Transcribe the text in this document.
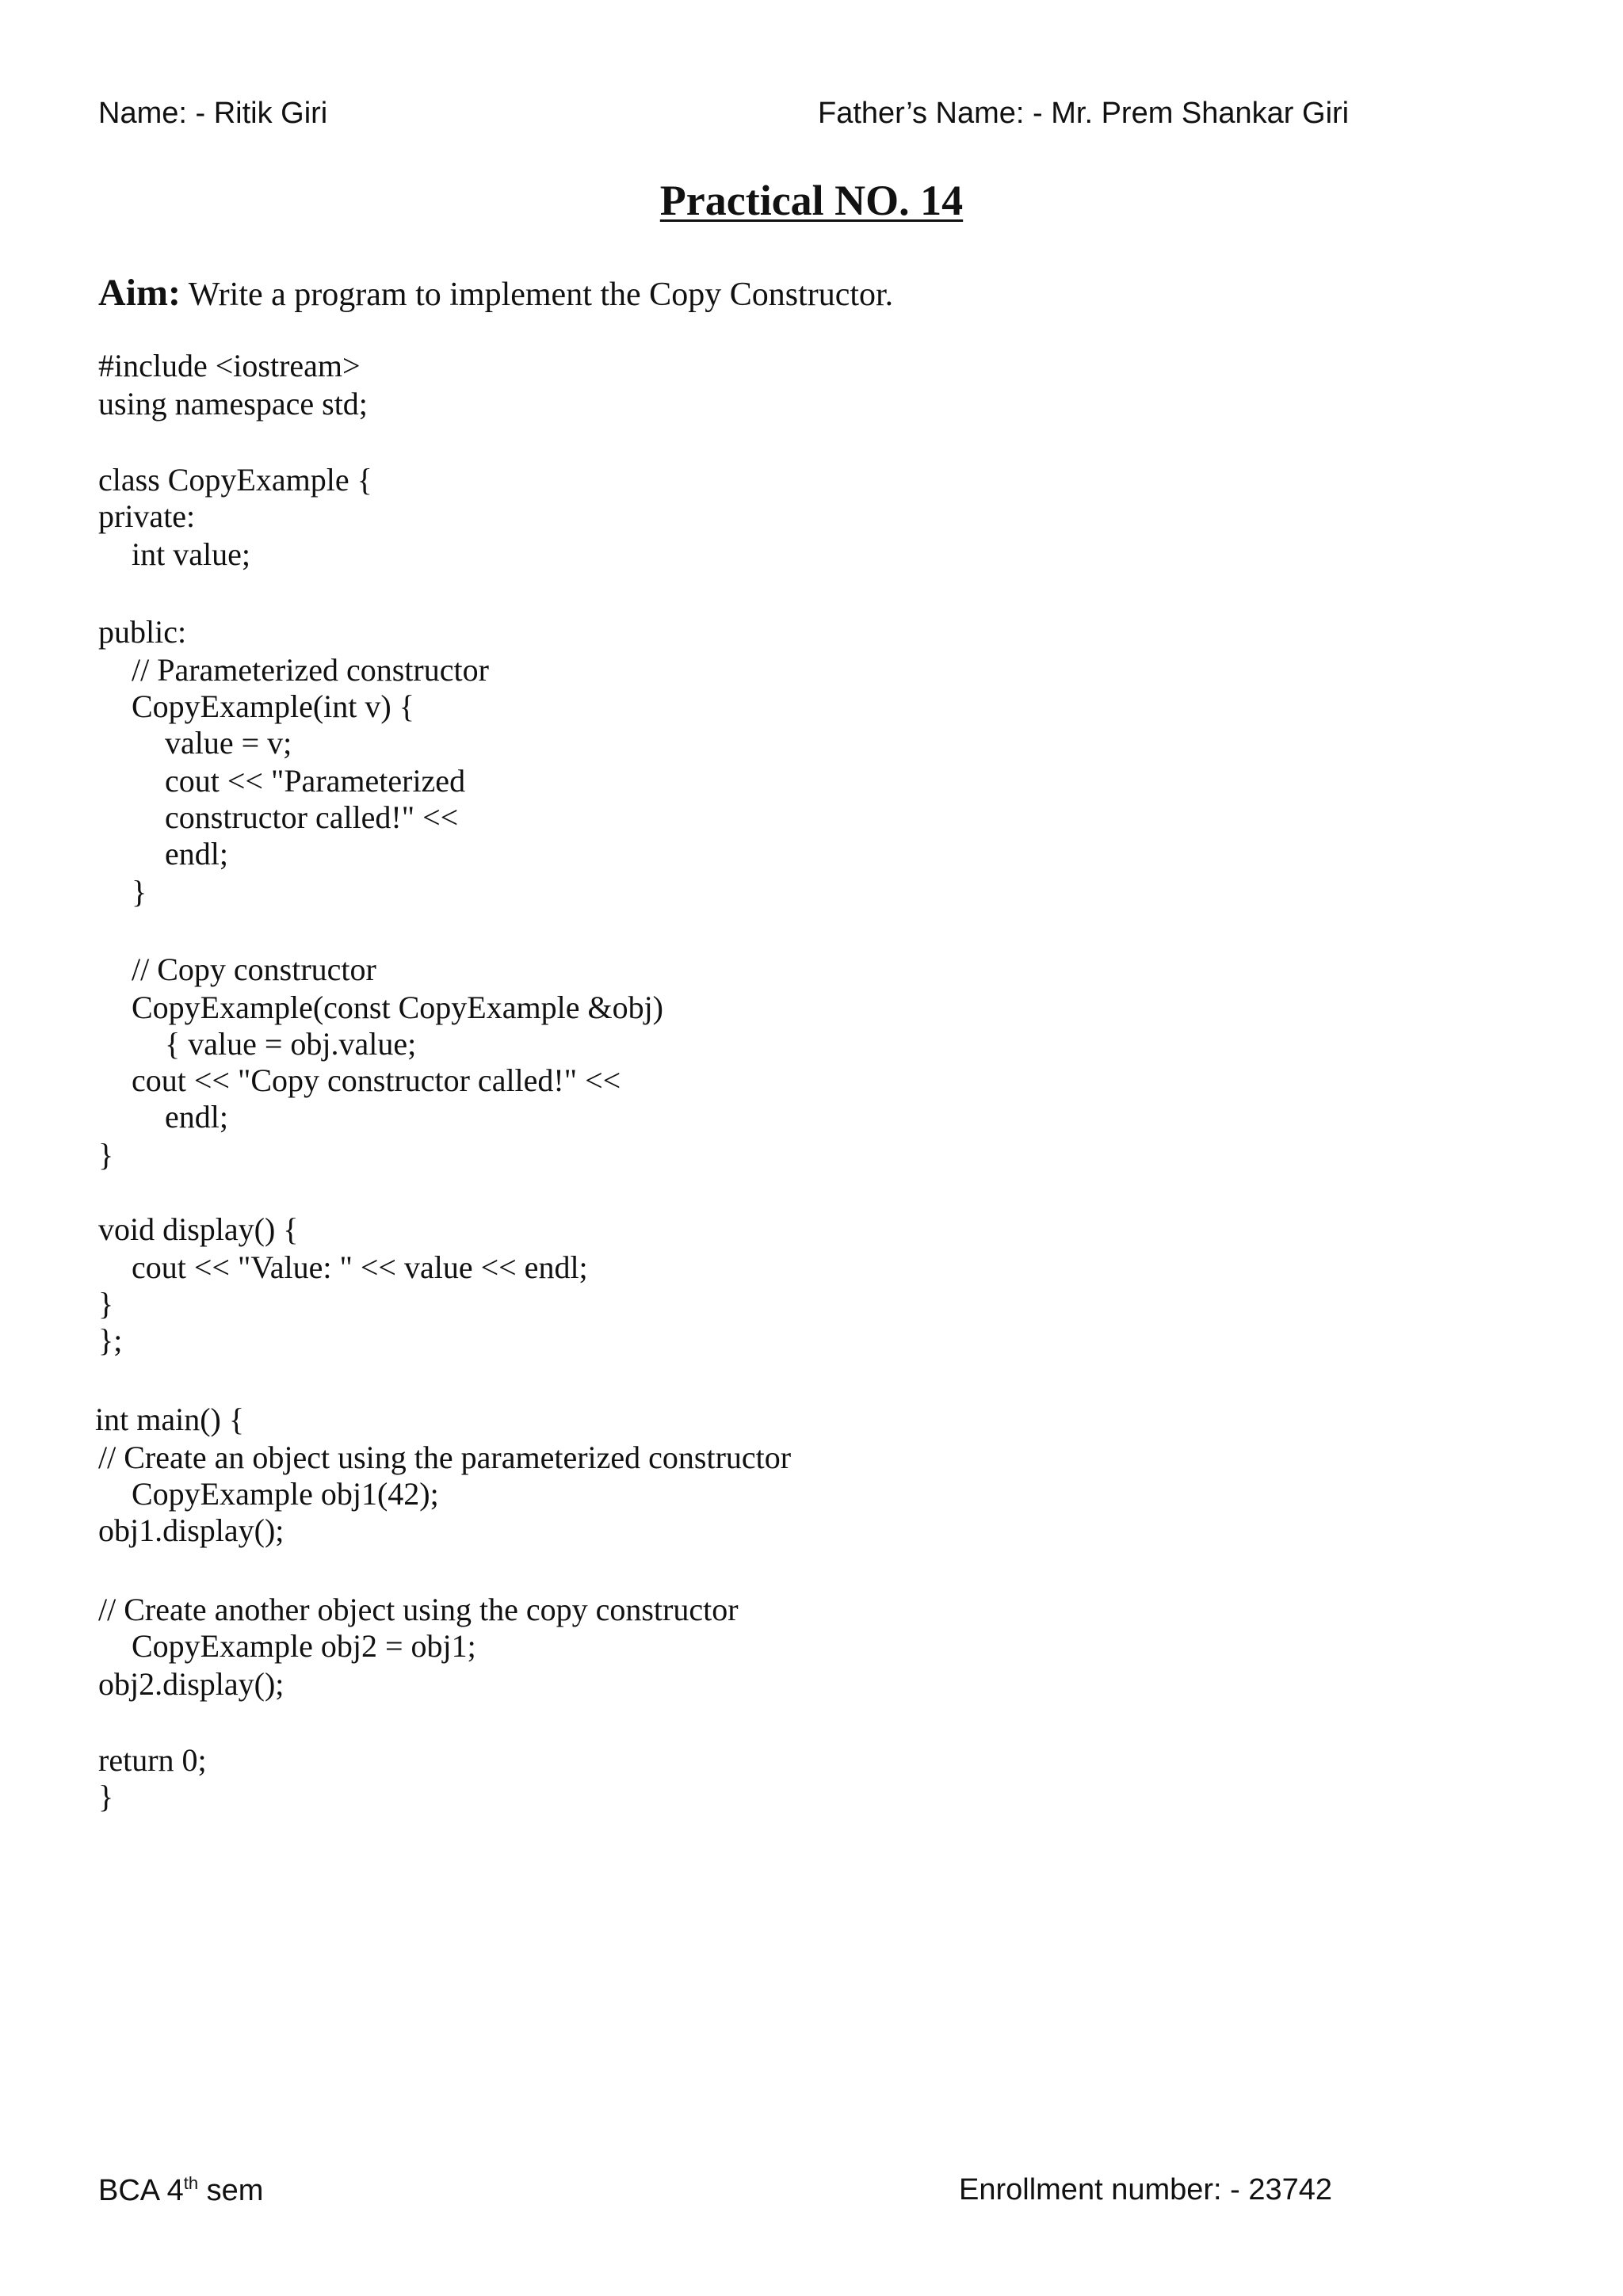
Name: - Ritik Giri	Father’s Name: - Mr. Prem Shankar Giri
Practical NO. 14
Aim: Write a program to implement the Copy Constructor.
#include <iostream>
using namespace std;
class CopyExample {
private:
int value;
public:
// Parameterized constructor
CopyExample(int v) {
value = v;
cout << "Parameterized
constructor called!" <<
endl;
}
// Copy constructor
CopyExample(const CopyExample &obj)
{ value = obj.value;
cout << "Copy constructor called!" <<
endl;
}
void display() {
cout << "Value: " << value << endl;
}
};
int main() {
// Create an object using the parameterized constructor
CopyExample obj1(42);
obj1.display();
// Create another object using the copy constructor
CopyExample obj2 = obj1;
obj2.display();
return 0;
}
BCA 4th sem	Enrollment number: - 23742
